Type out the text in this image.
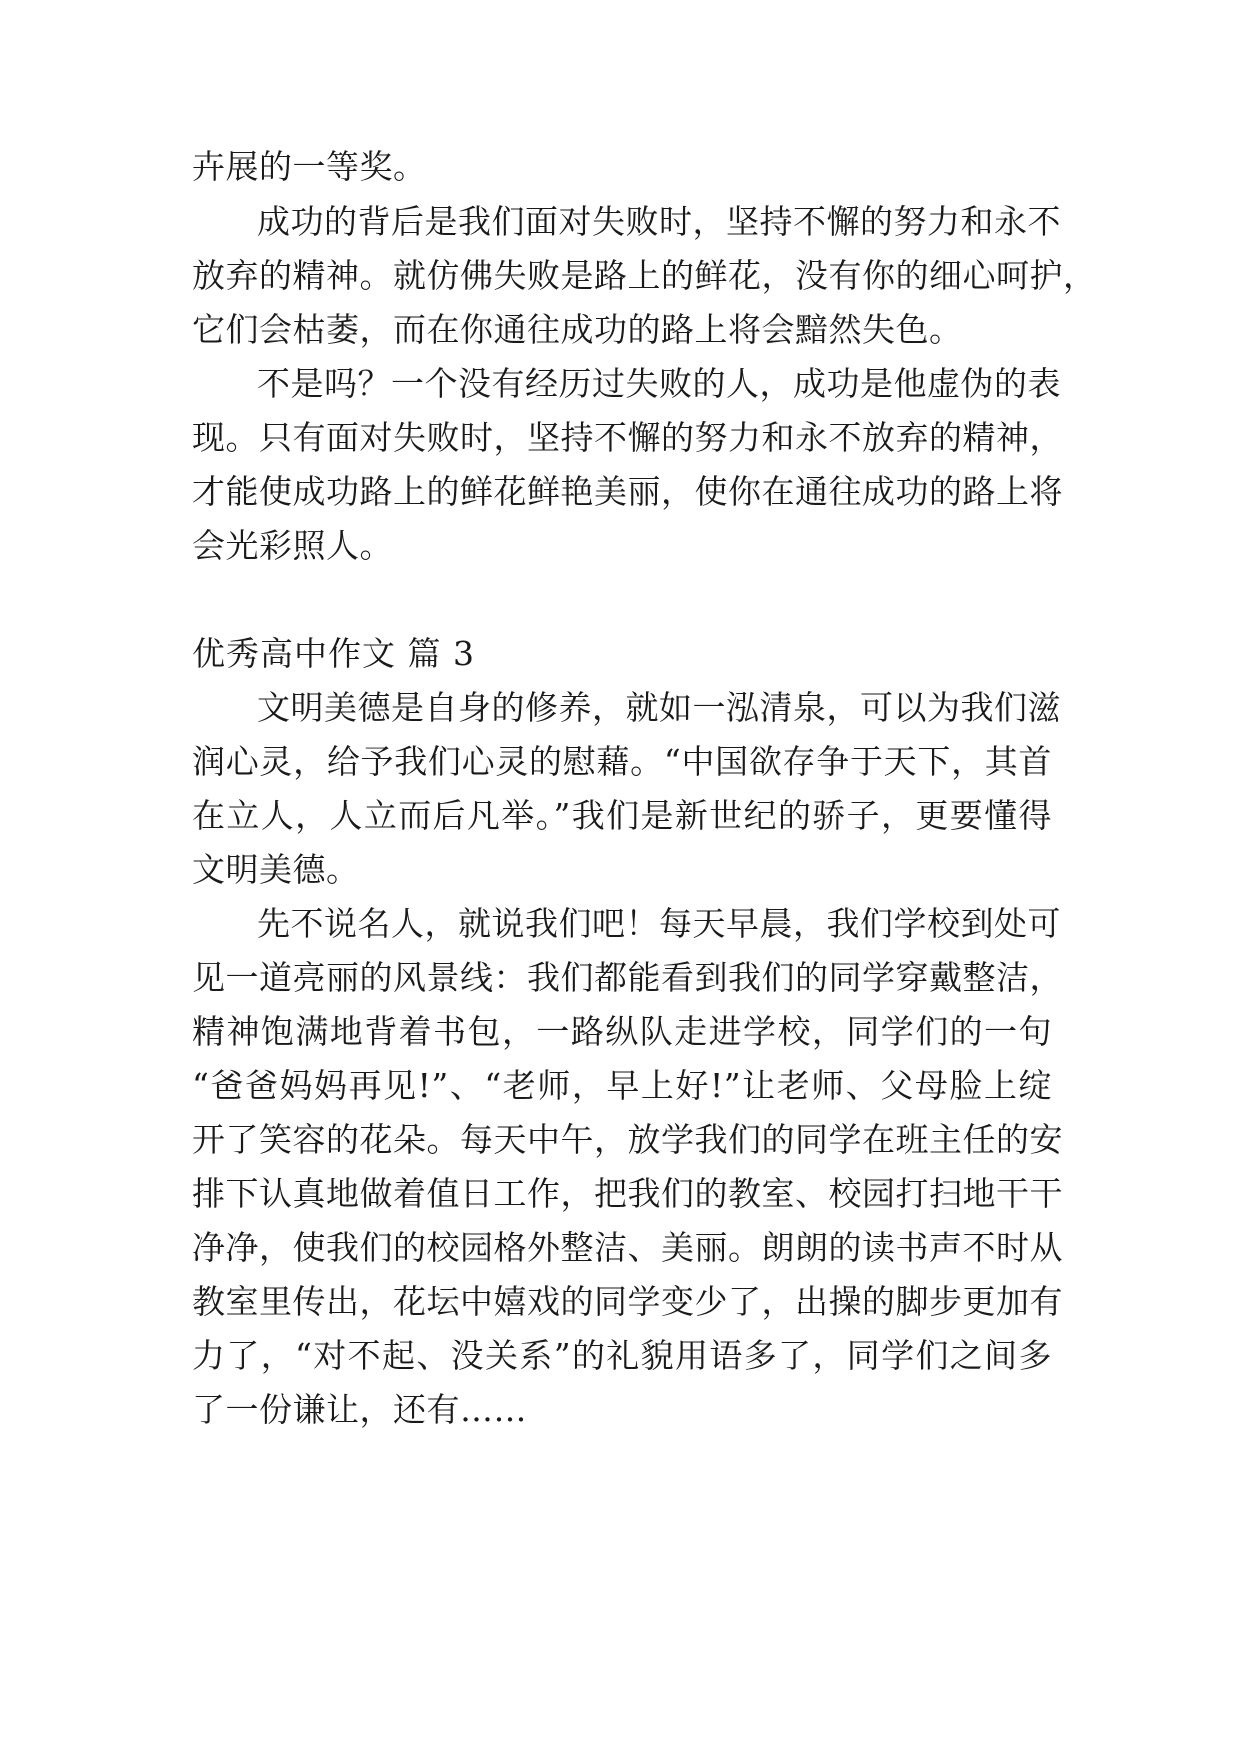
卉展的一等奖。
成功的背后是我们面对失败时，坚持不懈的努力和永不
放弃的精神。就仿佛失败是路上的鲜花，没有你的细心呵护，
它们会枯萎，而在你通往成功的路上将会黯然失色。
不是吗？一个没有经历过失败的人，成功是他虚伪的表
现。只有面对失败时，坚持不懈的努力和永不放弃的精神，
才能使成功路上的鲜花鲜艳美丽，使你在通往成功的路上将
会光彩照人。
优秀高中作文 篇 3
文明美德是自身的修养，就如一泓清泉，可以为我们滋
润心灵，给予我们心灵的慰藉。“中国欲存争于天下，其首
在立人，人立而后凡举。”我们是新世纪的骄子，更要懂得
文明美德。
先不说名人，就说我们吧！每天早晨，我们学校到处可
见一道亮丽的风景线：我们都能看到我们的同学穿戴整洁，
精神饱满地背着书包，一路纵队走进学校，同学们的一句
“爸爸妈妈再见!”、“老师，早上好!”让老师、父母脸上绽
开了笑容的花朵。每天中午，放学我们的同学在班主任的安
排下认真地做着值日工作，把我们的教室、校园打扫地干干
净净，使我们的校园格外整洁、美丽。朗朗的读书声不时从
教室里传出，花坛中嬉戏的同学变少了，出操的脚步更加有
力了，“对不起、没关系”的礼貌用语多了，同学们之间多
了一份谦让，还有……
